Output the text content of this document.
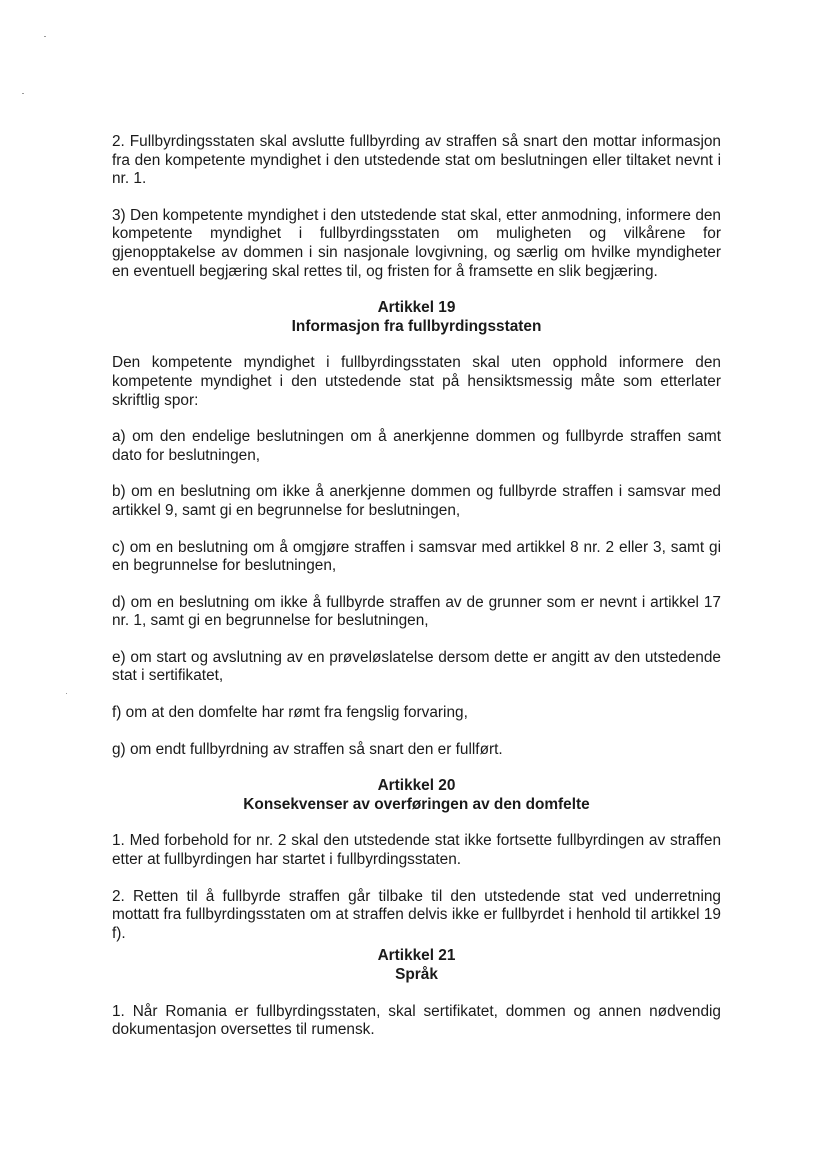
2. Fullbyrdingsstaten skal avslutte fullbyrding av straffen så snart den mottar informasjon fra den kompetente myndighet i den utstedende stat om beslutningen eller tiltaket nevnt i nr. 1.

3) Den kompetente myndighet i den utstedende stat skal, etter anmodning, informere den kompetente myndighet i fullbyrdingsstaten om muligheten og vilkårene for gjenopptakelse av dommen i sin nasjonale lovgivning, og særlig om hvilke myndigheter en eventuell begjæring skal rettes til, og fristen for å framsette en slik begjæring.

Artikkel 19
Informasjon fra fullbyrdingsstaten

Den kompetente myndighet i fullbyrdingsstaten skal uten opphold informere den kompetente myndighet i den utstedende stat på hensiktsmessig måte som etterlater skriftlig spor:

a) om den endelige beslutningen om å anerkjenne dommen og fullbyrde straffen samt dato for beslutningen,

b) om en beslutning om ikke å anerkjenne dommen og fullbyrde straffen i samsvar med artikkel 9, samt gi en begrunnelse for beslutningen,

c) om en beslutning om å omgjøre straffen i samsvar med artikkel 8 nr. 2 eller 3, samt gi en begrunnelse for beslutningen,

d) om en beslutning om ikke å fullbyrde straffen av de grunner som er nevnt i artikkel 17 nr. 1, samt gi en begrunnelse for beslutningen,

e) om start og avslutning av en prøveløslatelse dersom dette er angitt av den utstedende stat i sertifikatet,

f) om at den domfelte har rømt fra fengslig forvaring,

g) om endt fullbyrdning av straffen så snart den er fullført.

Artikkel 20
Konsekvenser av overføringen av den domfelte

1. Med forbehold for nr. 2 skal den utstedende stat ikke fortsette fullbyrdingen av straffen etter at fullbyrdingen har startet i fullbyrdingsstaten.

2. Retten til å fullbyrde straffen går tilbake til den utstedende stat ved underretning mottatt fra fullbyrdingsstaten om at straffen delvis ikke er fullbyrdet i henhold til artikkel 19 f).

Artikkel 21
Språk

1. Når Romania er fullbyrdingsstaten, skal sertifikatet, dommen og annen nødvendig dokumentasjon oversettes til rumensk.
